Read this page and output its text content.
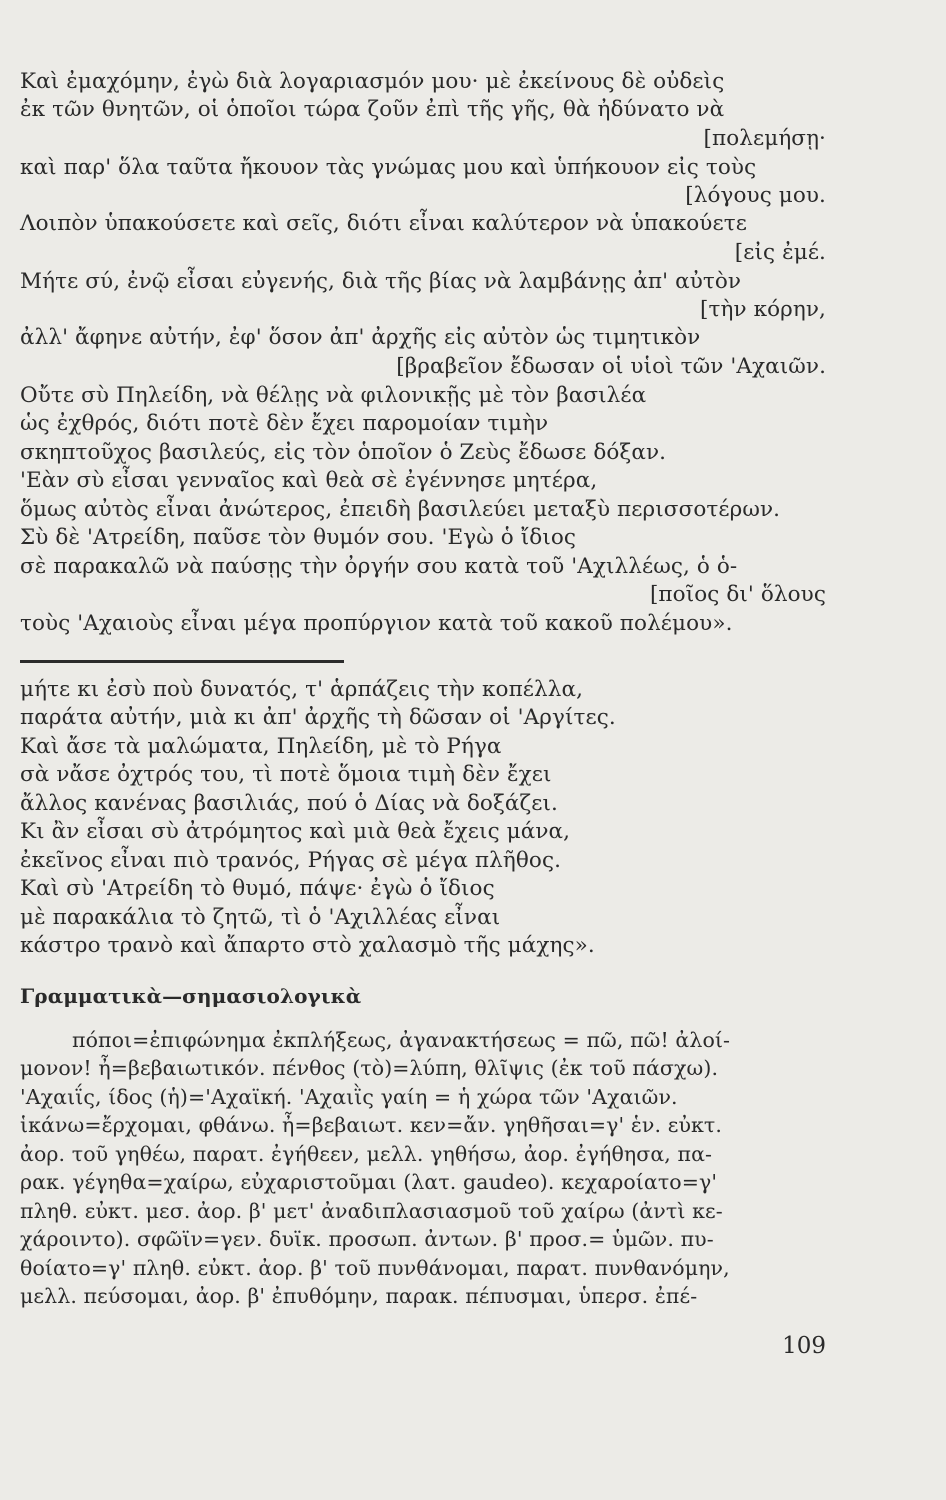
Καὶ ἐμαχόμην, ἐγὼ διὰ λογαριασμόν μου· μὲ ἐκείνους δὲ οὐδεὶς
ἐκ τῶν θνητῶν, οἱ ὁποῖοι τώρα ζοῦν ἐπὶ τῆς γῆς, θὰ ἠδύνατο νὰ
[πολεμήσῃ·
καὶ παρ' ὅλα ταῦτα ἤκουον τὰς γνώμας μου καὶ ὑπήκουον εἰς τοὺς
[λόγους μου.
Λοιπὸν ὑπακούσετε καὶ σεῖς, διότι εἶναι καλύτερον νὰ ὑπακούετε
[εἰς ἐμέ.
Μήτε σύ, ἐνῷ εἶσαι εὐγενής, διὰ τῆς βίας νὰ λαμβάνῃς ἀπ' αὐτὸν
[τὴν κόρην,
ἀλλ' ἄφηνε αὐτήν, ἐφ' ὅσον ἀπ' ἀρχῆς εἰς αὐτὸν ὡς τιμητικὸν
[βραβεῖον ἔδωσαν οἱ υἱοὶ τῶν 'Αχαιῶν.
Οὔτε σὺ Πηλείδη, νὰ θέλῃς νὰ φιλονικῇς μὲ τὸν βασιλέα
ὡς ἐχθρός, διότι ποτὲ δὲν ἔχει παρομοίαν τιμὴν
σκηπτοῦχος βασιλεύς, εἰς τὸν ὁποῖον ὁ Ζεὺς ἔδωσε δόξαν.
'Εὰν σὺ εἶσαι γενναῖος καὶ θεὰ σὲ ἐγέννησε μητέρα,
ὅμως αὐτὸς εἶναι ἀνώτερος, ἐπειδὴ βασιλεύει μεταξὺ περισσοτέρων.
Σὺ δὲ 'Ατρείδη, παῦσε τὸν θυμόν σου. 'Εγὼ ὁ ἴδιος
σὲ παρακαλῶ νὰ παύσῃς τὴν ὀργήν σου κατὰ τοῦ 'Αχιλλέως, ὁ ὁ-
[ποῖος δι' ὅλους
τοὺς 'Αχαιοὺς εἶναι μέγα προπύργιον κατὰ τοῦ κακοῦ πολέμου».
μήτε κι ἐσὺ ποὺ δυνατός, τ' ἁρπάζεις τὴν κοπέλλα,
παράτα αὐτήν, μιὰ κι ἀπ' ἀρχῆς τὴ δῶσαν οἱ 'Αργίτες.
Καὶ ἄσε τὰ μαλώματα, Πηλείδη, μὲ τὸ Ρήγα
σὰ νἄσε ὀχτρός του, τὶ ποτὲ ὅμοια τιμὴ δὲν ἔχει
ἄλλος κανένας βασιλιάς, πού ὁ Δίας νὰ δοξάζει.
Κι ἂν εἶσαι σὺ ἀτρόμητος καὶ μιὰ θεὰ ἔχεις μάνα,
ἐκεῖνος εἶναι πιὸ τρανός, Ρήγας σὲ μέγα πλῆθος.
Καὶ σὺ 'Ατρείδη τὸ θυμό, πάψε· ἐγὼ ὁ ἴδιος
μὲ παρακάλια τὸ ζητῶ, τὶ ὁ 'Αχιλλέας εἶναι
κάστρο τρανὸ καὶ ἄπαρτο στὸ χαλασμὸ τῆς μάχης».
Γραμματικὰ—σημασιολογικὰ
πόποι=ἐπιφώνημα ἐκπλήξεως, ἀγανακτήσεως = πῶ, πῶ! ἀλοί-
μονον! ἦ=βεβαιωτικόν. πένθος (τὸ)=λύπη, θλῖψις (ἐκ τοῦ πάσχω).
'Αχαιΐς, ίδος (ἡ)='Αχαϊκή. 'Αχαιῒς γαίη = ἡ χώρα τῶν 'Αχαιῶν.
ἱκάνω=ἔρχομαι, φθάνω. ἦ=βεβαιωτ. κεν=ἄν. γηθῆσαι=γ' ἑν. εὐκτ.
ἀορ. τοῦ γηθέω, παρατ. ἐγήθεεν, μελλ. γηθήσω, ἀορ. ἐγήθησα, πα-
ρακ. γέγηθα=χαίρω, εὐχαριστοῦμαι (λατ. gaudeo). κεχαροίατο=γ'
πληθ. εὐκτ. μεσ. ἀορ. β' μετ' ἀναδιπλασιασμοῦ τοῦ χαίρω (ἀντὶ κε-
χάροιντο). σφῶϊν=γεν. δυϊκ. προσωπ. ἀντων. β' προσ.= ὑμῶν. πυ-
θοίατο=γ' πληθ. εὐκτ. ἀορ. β' τοῦ πυνθάνομαι, παρατ. πυνθανόμην,
μελλ. πεύσομαι, ἀορ. β' ἐπυθόμην, παρακ. πέπυσμαι, ὑπερσ. ἐπέ-
109
